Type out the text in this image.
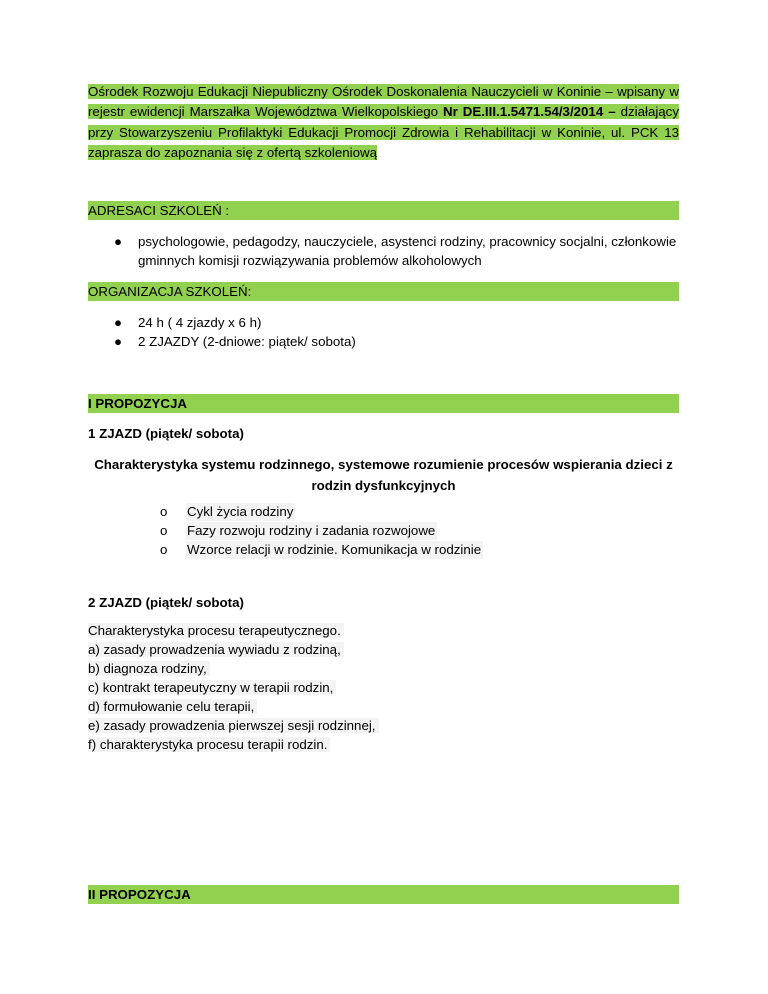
Ośrodek Rozwoju Edukacji Niepubliczny Ośrodek Doskonalenia Nauczycieli w Koninie – wpisany w rejestr ewidencji Marszałka Województwa Wielkopolskiego Nr DE.III.1.5471.54/3/2014 – działający przy Stowarzyszeniu Profilaktyki Edukacji Promocji Zdrowia i Rehabilitacji w Koninie, ul. PCK 13 zaprasza do zapoznania się z ofertą szkoleniową
ADRESACI SZKOLEŃ :
● psychologowie, pedagodzy, nauczyciele, asystenci rodziny, pracownicy socjalni, członkowie gminnych komisji rozwiązywania problemów alkoholowych
ORGANIZACJA SZKOLEŃ:
● 24 h ( 4 zjazdy x 6 h)
● 2 ZJAZDY (2-dniowe: piątek/ sobota)
I PROPOZYCJA
1 ZJAZD (piątek/ sobota)
Charakterystyka systemu rodzinnego, systemowe rozumienie procesów wspierania dzieci z
rodzin dysfunkcyjnych
o Cykl życia rodziny
o Fazy rozwoju rodziny i zadania rozwojowe
o Wzorce relacji w rodzinie. Komunikacja w rodzinie
2 ZJAZD (piątek/ sobota)
Charakterystyka procesu terapeutycznego.
a) zasady prowadzenia wywiadu z rodziną,
b) diagnoza rodziny,
c) kontrakt terapeutyczny w terapii rodzin,
d) formułowanie celu terapii,
e) zasady prowadzenia pierwszej sesji rodzinnej,
f) charakterystyka procesu terapii rodzin.
II PROPOZYCJA
